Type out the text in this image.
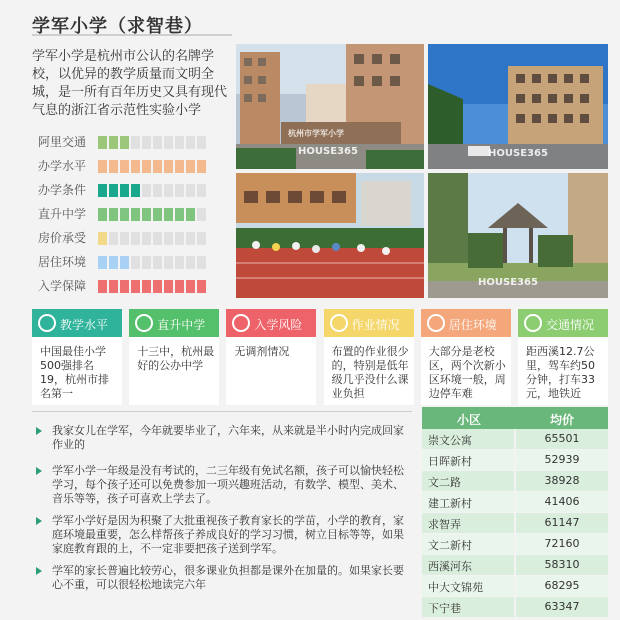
学军小学（求智巷）
学军小学是杭州市公认的名牌学校，以优异的教学质量而文明全城，是一所有百年历史又具有现代气息的浙江省示范性实验小学
阿里交通
办学水平
办学条件
直升中学
房价承受
居住环境
入学保障
HOUSE365
杭州市学军小学
HOUSE365
HOUSE365
教学水平
中国最佳小学500强排名19，杭州市排名第一
直升中学
十三中，杭州最好的公办中学
入学风险
无调剂情况
作业情况
布置的作业很少的，特别是低年级几乎没什么课业负担
居住环境
大部分是老校区，两个次新小区环境一般，周边停车难
交通情况
距西溪12.7公里，驾车约50分钟，打车33元，地铁近
我家女儿在学军，今年就要毕业了，六年来，从来就是半小时内完成回家作业的
学军小学一年级是没有考试的，二三年级有免试名额，孩子可以愉快轻松学习，每个孩子还可以免费参加一项兴趣班活动，有数学、模型、美术、音乐等等，孩子可喜欢上学去了。
学军小学好是因为积聚了大批重视孩子教育家长的学苗，小学的教育，家庭环境最重要，怎么样帮孩子养成良好的学习习惯，树立目标等等，如果家庭教育跟的上，不一定非要把孩子送到学军。
学军的家长普遍比较劳心，很多课业负担都是课外在加量的。如果家长要心不重，可以很轻松地读完六年
小区	均价
崇文公寓	65501
日晖新村	52939
文二路	38928
建工新村	41406
求智弄	61147
文二新村	72160
西溪河东	58310
中大文锦苑	68295
下宁巷	63347
